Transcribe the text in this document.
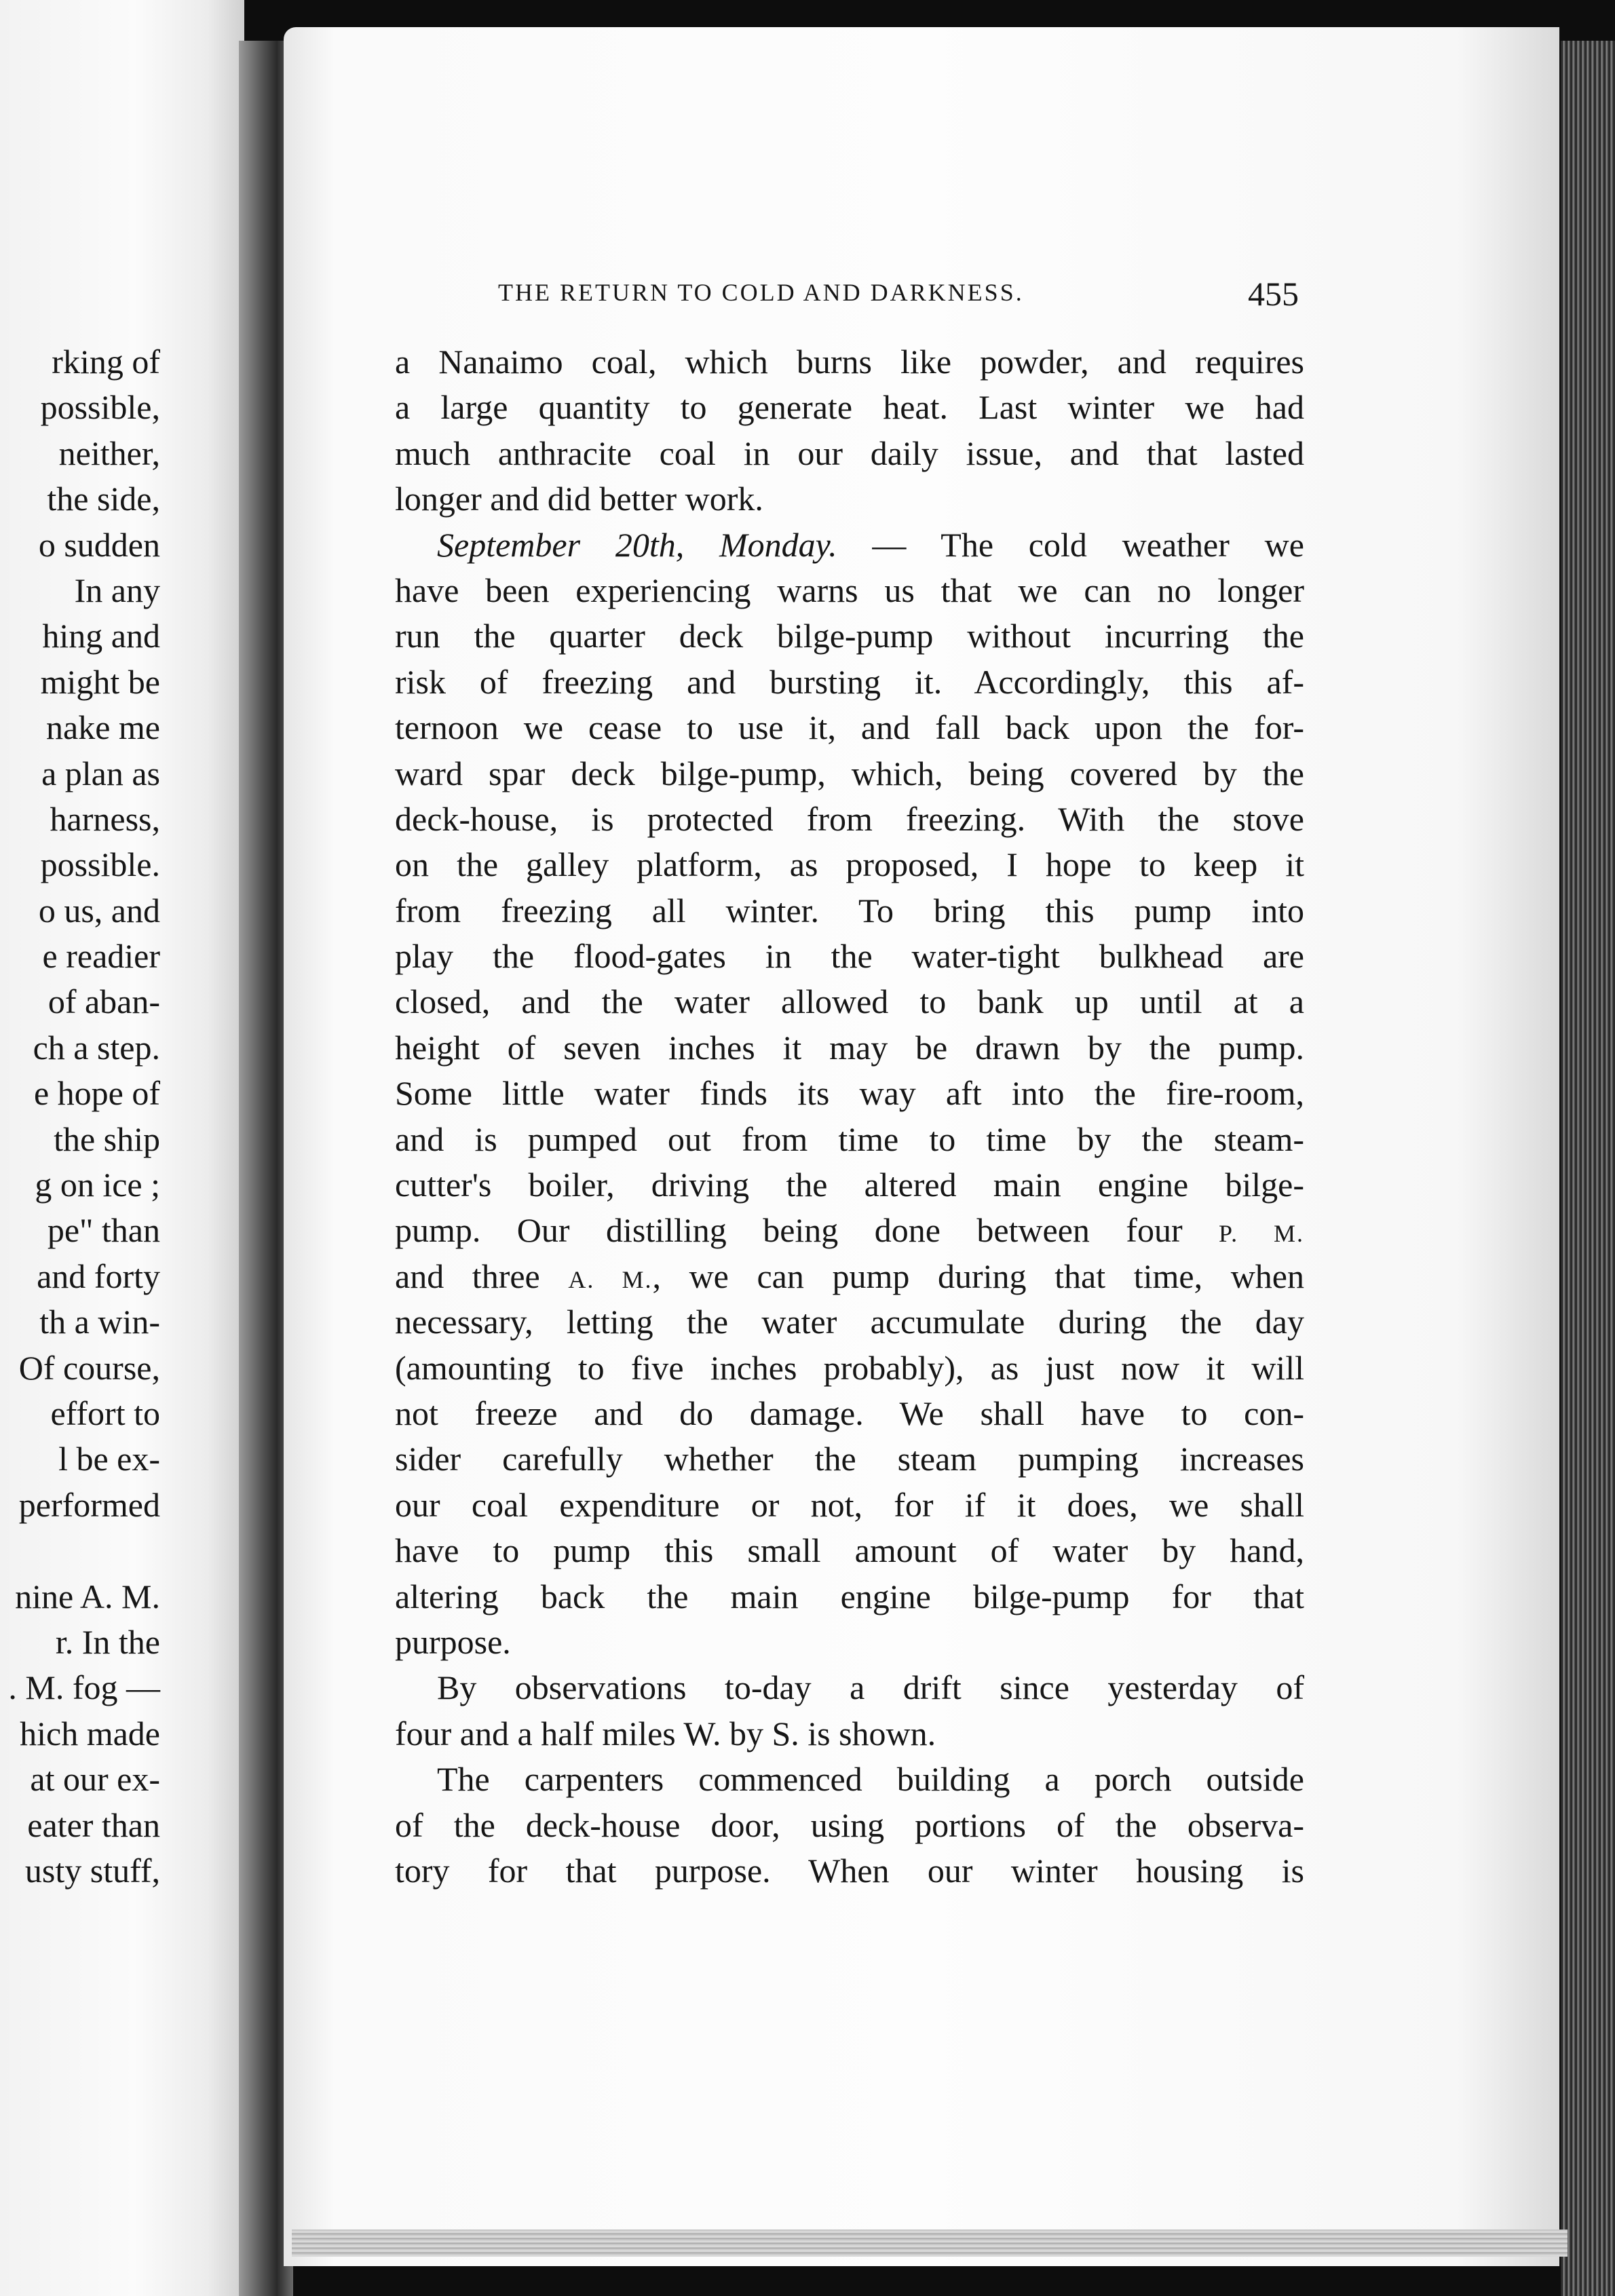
rking of
possible,
neither,
the side,
o sudden
In any
hing and
might be
nake me
a plan as
harness,
possible.
o us, and
e readier
of aban-
ch a step.
e hope of
the ship
g on ice ;
pe" than
and forty
th a win-
Of course,
effort to
l be ex-
performed
nine A. M.
r. In the
. M. fog —
hich made
at our ex-
eater than
usty stuff,
THE RETURN TO COLD AND DARKNESS.	455
a Nanaimo coal, which burns like powder, and requires
a large quantity to generate heat. Last winter we had
much anthracite coal in our daily issue, and that lasted
longer and did better work.
September 20th, Monday. — The cold weather we
have been experiencing warns us that we can no longer
run the quarter deck bilge-pump without incurring the
risk of freezing and bursting it. Accordingly, this af-
ternoon we cease to use it, and fall back upon the for-
ward spar deck bilge-pump, which, being covered by the
deck-house, is protected from freezing. With the stove
on the galley platform, as proposed, I hope to keep it
from freezing all winter. To bring this pump into
play the flood-gates in the water-tight bulkhead are
closed, and the water allowed to bank up until at a
height of seven inches it may be drawn by the pump.
Some little water finds its way aft into the fire-room,
and is pumped out from time to time by the steam-
cutter's boiler, driving the altered main engine bilge-
pump. Our distilling being done between four P. M.
and three A. M., we can pump during that time, when
necessary, letting the water accumulate during the day
(amounting to five inches probably), as just now it will
not freeze and do damage. We shall have to con-
sider carefully whether the steam pumping increases
our coal expenditure or not, for if it does, we shall
have to pump this small amount of water by hand,
altering back the main engine bilge-pump for that
purpose.
By observations to-day a drift since yesterday of
four and a half miles W. by S. is shown.
The carpenters commenced building a porch outside
of the deck-house door, using portions of the observa-
tory for that purpose. When our winter housing is
